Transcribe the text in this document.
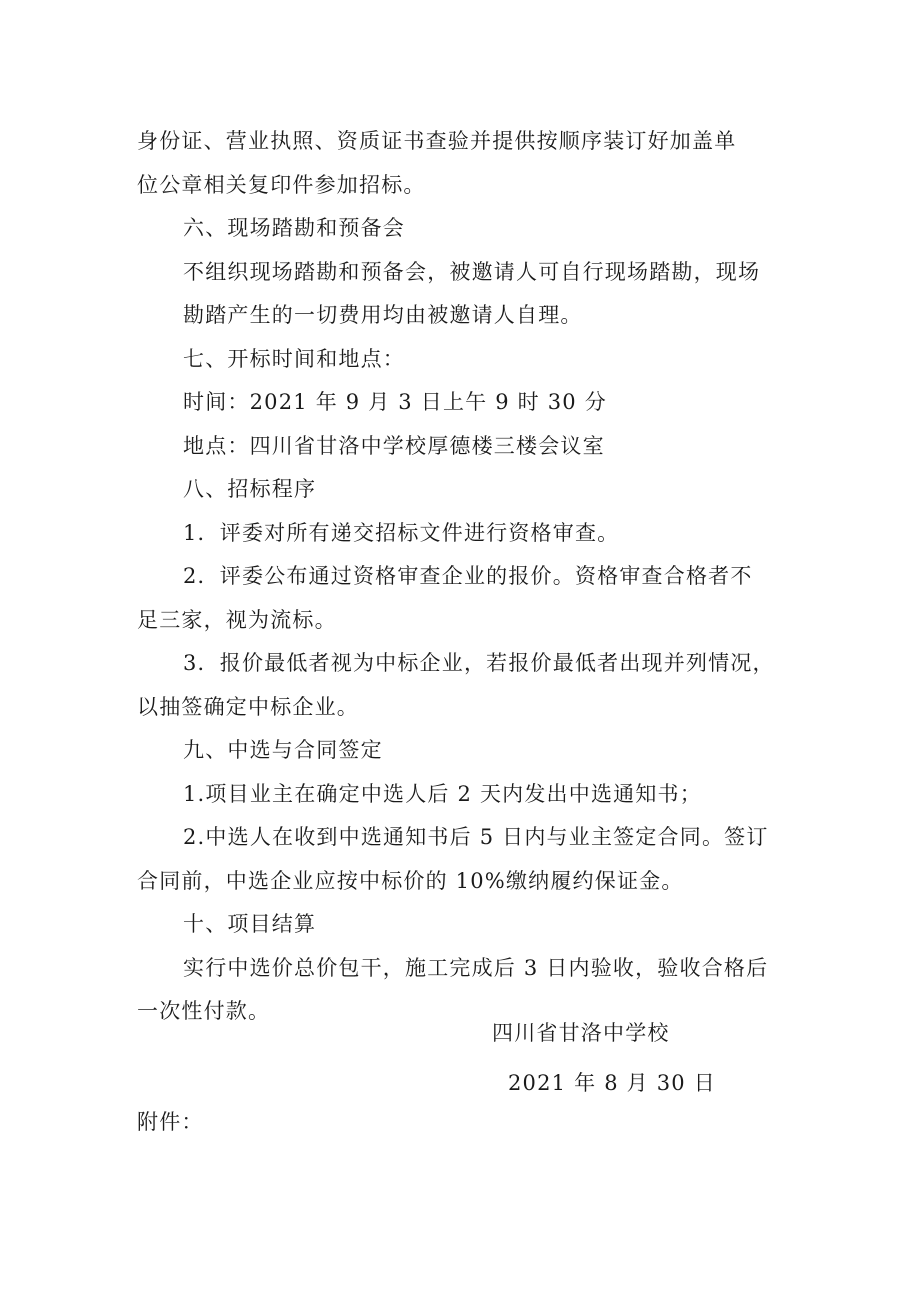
身份证、营业执照、资质证书查验并提供按顺序装订好加盖单
位公章相关复印件参加招标。

六、现场踏勘和预备会

不组织现场踏勘和预备会，被邀请人可自行现场踏勘，现场
勘踏产生的一切费用均由被邀请人自理。

七、开标时间和地点：

时间：2021 年 9 月 3 日上午 9 时 30 分

地点：四川省甘洛中学校厚德楼三楼会议室

八、招标程序

1．评委对所有递交招标文件进行资格审查。

2．评委公布通过资格审查企业的报价。资格审查合格者不
足三家，视为流标。

3．报价最低者视为中标企业，若报价最低者出现并列情况，
以抽签确定中标企业。

九、中选与合同签定

1.项目业主在确定中选人后 2 天内发出中选通知书；

2.中选人在收到中选通知书后 5 日内与业主签定合同。签订
合同前，中选企业应按中标价的 10%缴纳履约保证金。

十、项目结算

实行中选价总价包干，施工完成后 3 日内验收，验收合格后
一次性付款。

四川省甘洛中学校

2021 年 8 月 30 日

附件：
